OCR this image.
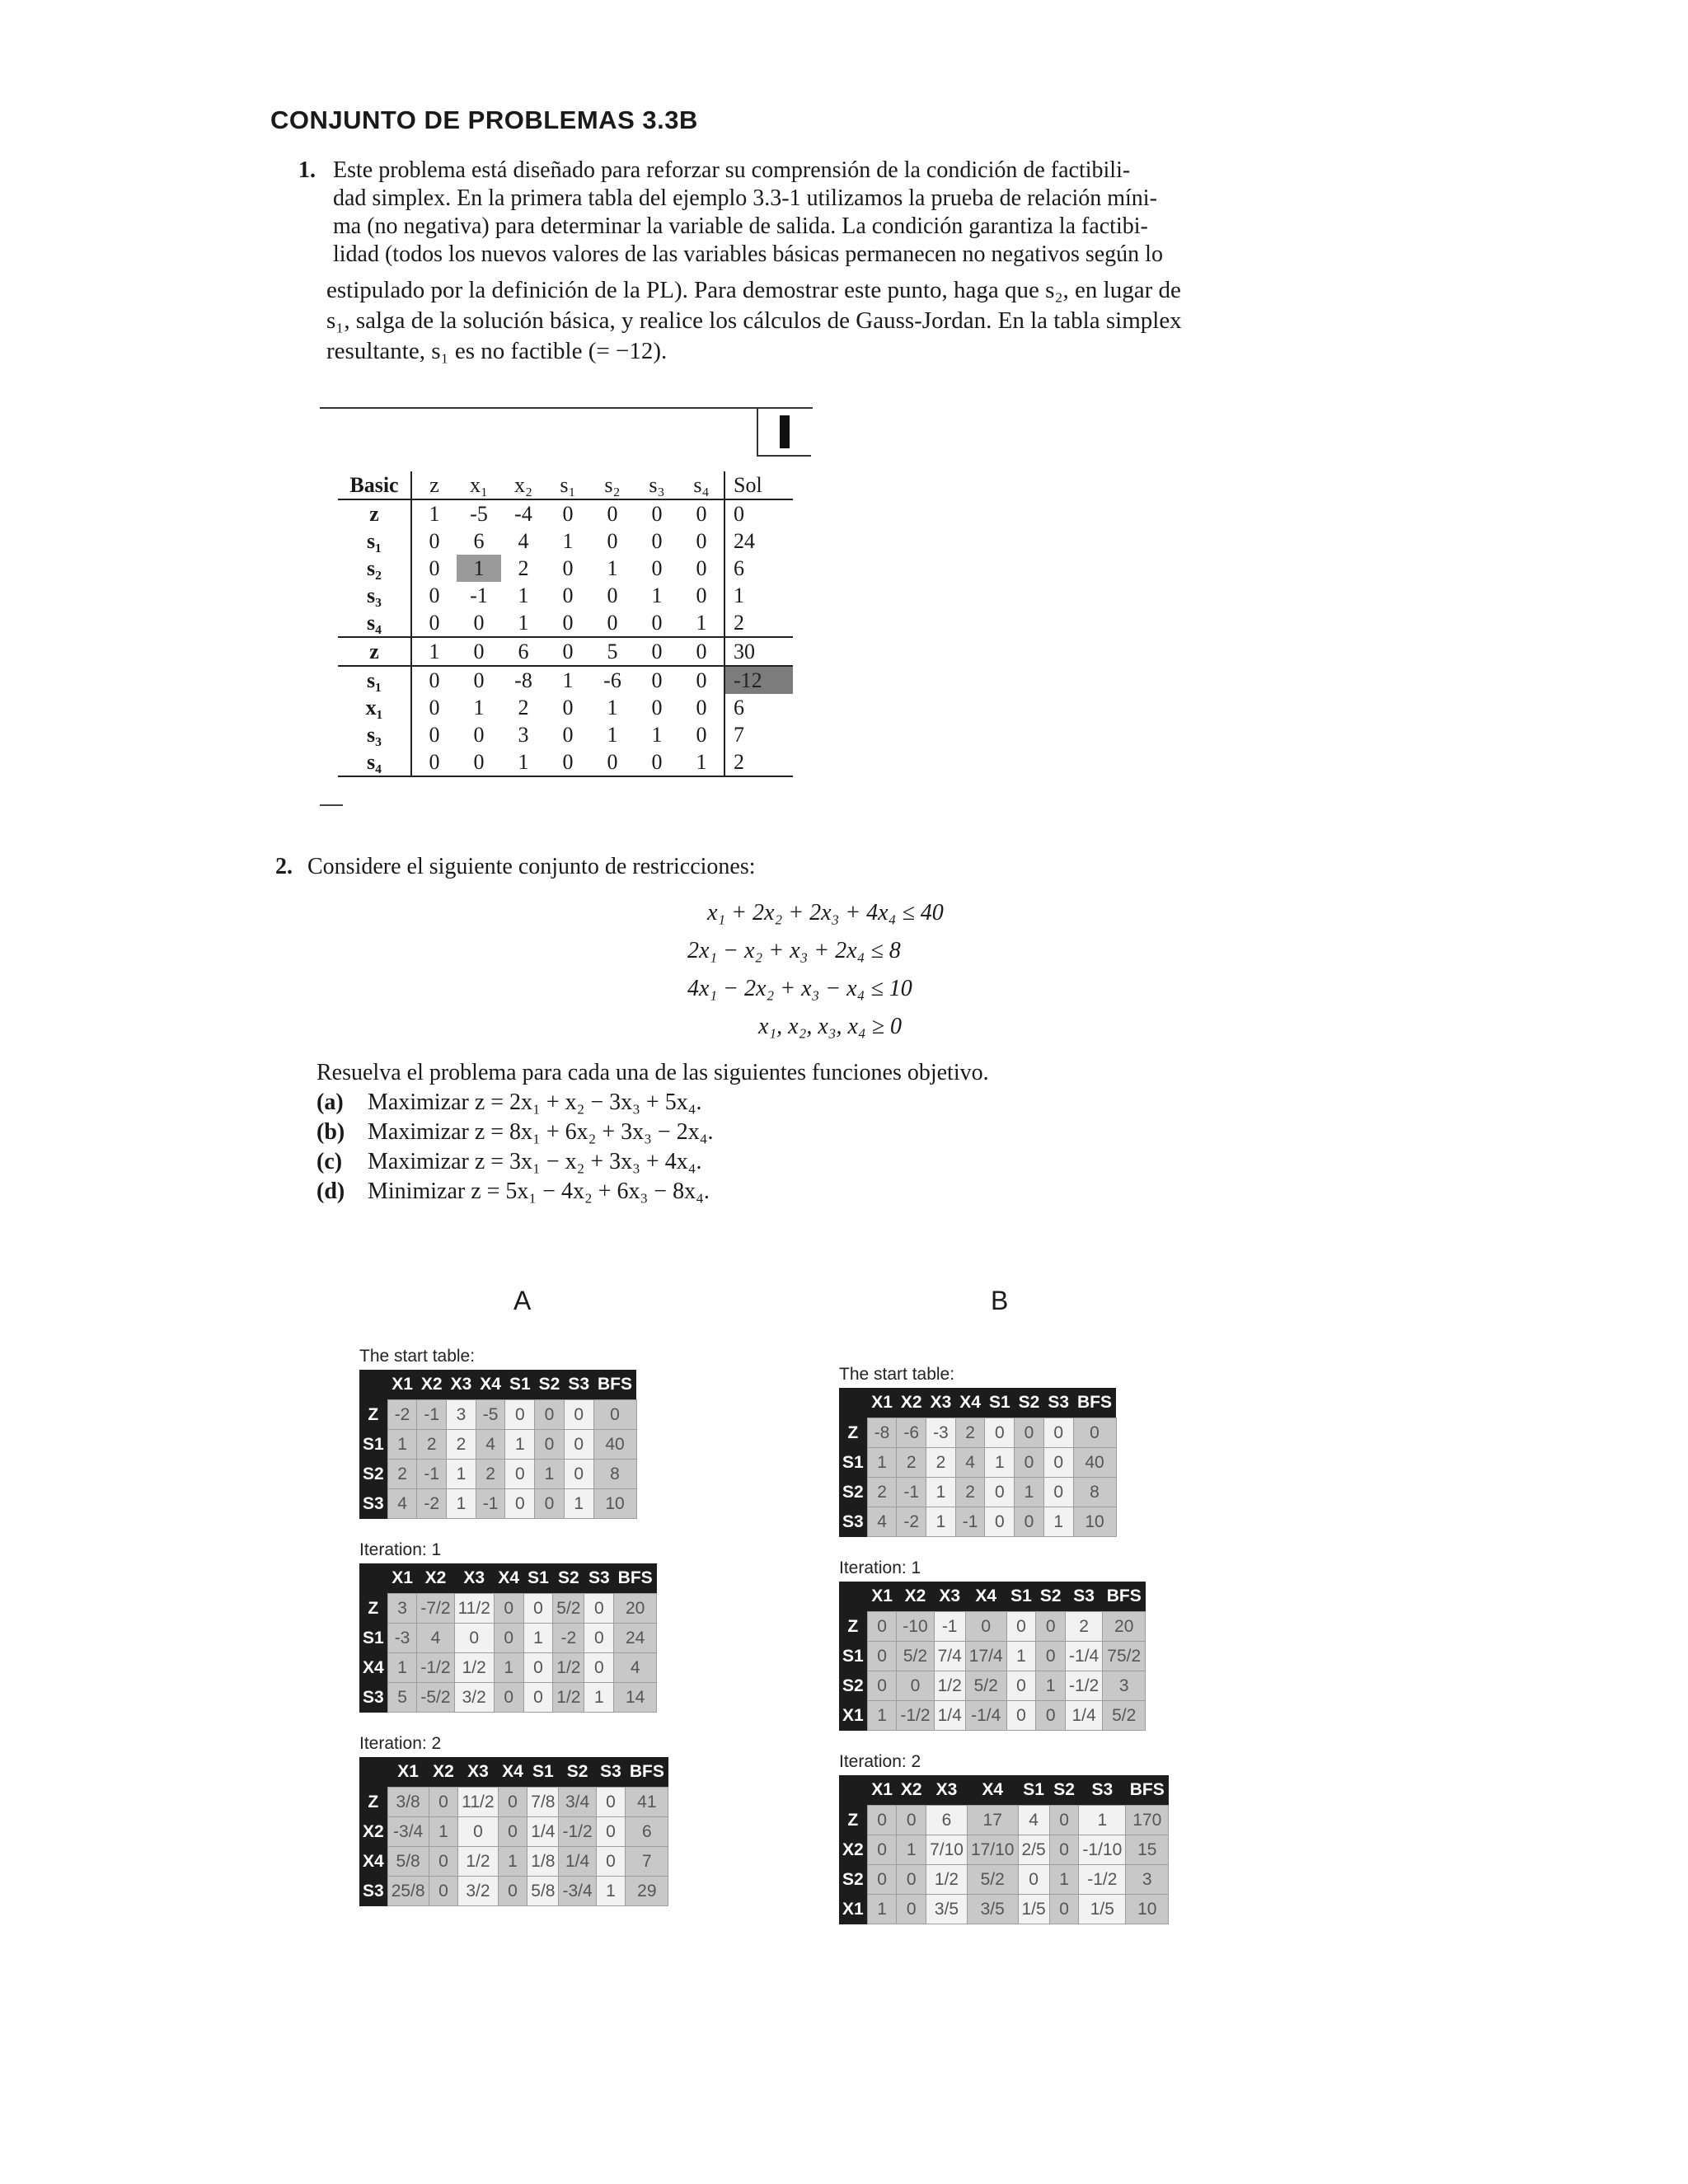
CONJUNTO DE PROBLEMAS 3.3B
1. Este problema está diseñado para reforzar su comprensión de la condición de factibili-
dad simplex. En la primera tabla del ejemplo 3.3-1 utilizamos la prueba de relación míni-
ma (no negativa) para determinar la variable de salida. La condición garantiza la factibi-
lidad (todos los nuevos valores de las variables básicas permanecen no negativos según lo
estipulado por la definición de la PL). Para demostrar este punto, haga que s₂, en lugar de
s₁, salga de la solución básica, y realice los cálculos de Gauss-Jordan. En la tabla simplex
resultante, s₁ es no factible (= −12).
Basic	z	x₁	x₂	s₁	s₂	s₃	s₄	Sol
z	1	-5	-4	0	0	0	0	0
s₁	0	6	4	1	0	0	0	24
s₂	0	1	2	0	1	0	0	6
s₃	0	-1	1	0	0	1	0	1
s₄	0	0	1	0	0	0	1	2
z	1	0	6	0	5	0	0	30
s₁	0	0	-8	1	-6	0	0	-12
x₁	0	1	2	0	1	0	0	6
s₃	0	0	3	0	1	1	0	7
s₄	0	0	1	0	0	0	1	2
2. Considere el siguiente conjunto de restricciones:
x₁ + 2x₂ + 2x₃ + 4x₄ ≤ 40
2x₁ − x₂ + x₃ + 2x₄ ≤ 8
4x₁ − 2x₂ + x₃ − x₄ ≤ 10
x₁, x₂, x₃, x₄ ≥ 0
Resuelva el problema para cada una de las siguientes funciones objetivo.
(a) Maximizar z = 2x₁ + x₂ − 3x₃ + 5x₄.
(b) Maximizar z = 8x₁ + 6x₂ + 3x₃ − 2x₄.
(c) Maximizar z = 3x₁ − x₂ + 3x₃ + 4x₄.
(d) Minimizar z = 5x₁ − 4x₂ + 6x₃ − 8x₄.
A	B
The start table:
	X1	X2	X3	X4	S1	S2	S3	BFS
Z	-2	-1	3	-5	0	0	0	0
S1	1	2	2	4	1	0	0	40
S2	2	-1	1	2	0	1	0	8
S3	4	-2	1	-1	0	0	1	10
Iteration: 1
	X1	X2	X3	X4	S1	S2	S3	BFS
Z	3	-7/2	11/2	0	0	5/2	0	20
S1	-3	4	0	0	1	-2	0	24
X4	1	-1/2	1/2	1	0	1/2	0	4
S3	5	-5/2	3/2	0	0	1/2	1	14
Iteration: 2
	X1	X2	X3	X4	S1	S2	S3	BFS
Z	3/8	0	11/2	0	7/8	3/4	0	41
X2	-3/4	1	0	0	1/4	-1/2	0	6
X4	5/8	0	1/2	1	1/8	1/4	0	7
S3	25/8	0	3/2	0	5/8	-3/4	1	29
The start table:
	X1	X2	X3	X4	S1	S2	S3	BFS
Z	-8	-6	-3	2	0	0	0	0
S1	1	2	2	4	1	0	0	40
S2	2	-1	1	2	0	1	0	8
S3	4	-2	1	-1	0	0	1	10
Iteration: 1
	X1	X2	X3	X4	S1	S2	S3	BFS
Z	0	-10	-1	0	0	0	2	20
S1	0	5/2	7/4	17/4	1	0	-1/4	75/2
S2	0	0	1/2	5/2	0	1	-1/2	3
X1	1	-1/2	1/4	-1/4	0	0	1/4	5/2
Iteration: 2
	X1	X2	X3	X4	S1	S2	S3	BFS
Z	0	0	6	17	4	0	1	170
X2	0	1	7/10	17/10	2/5	0	-1/10	15
S2	0	0	1/2	5/2	0	1	-1/2	3
X1	1	0	3/5	3/5	1/5	0	1/5	10
